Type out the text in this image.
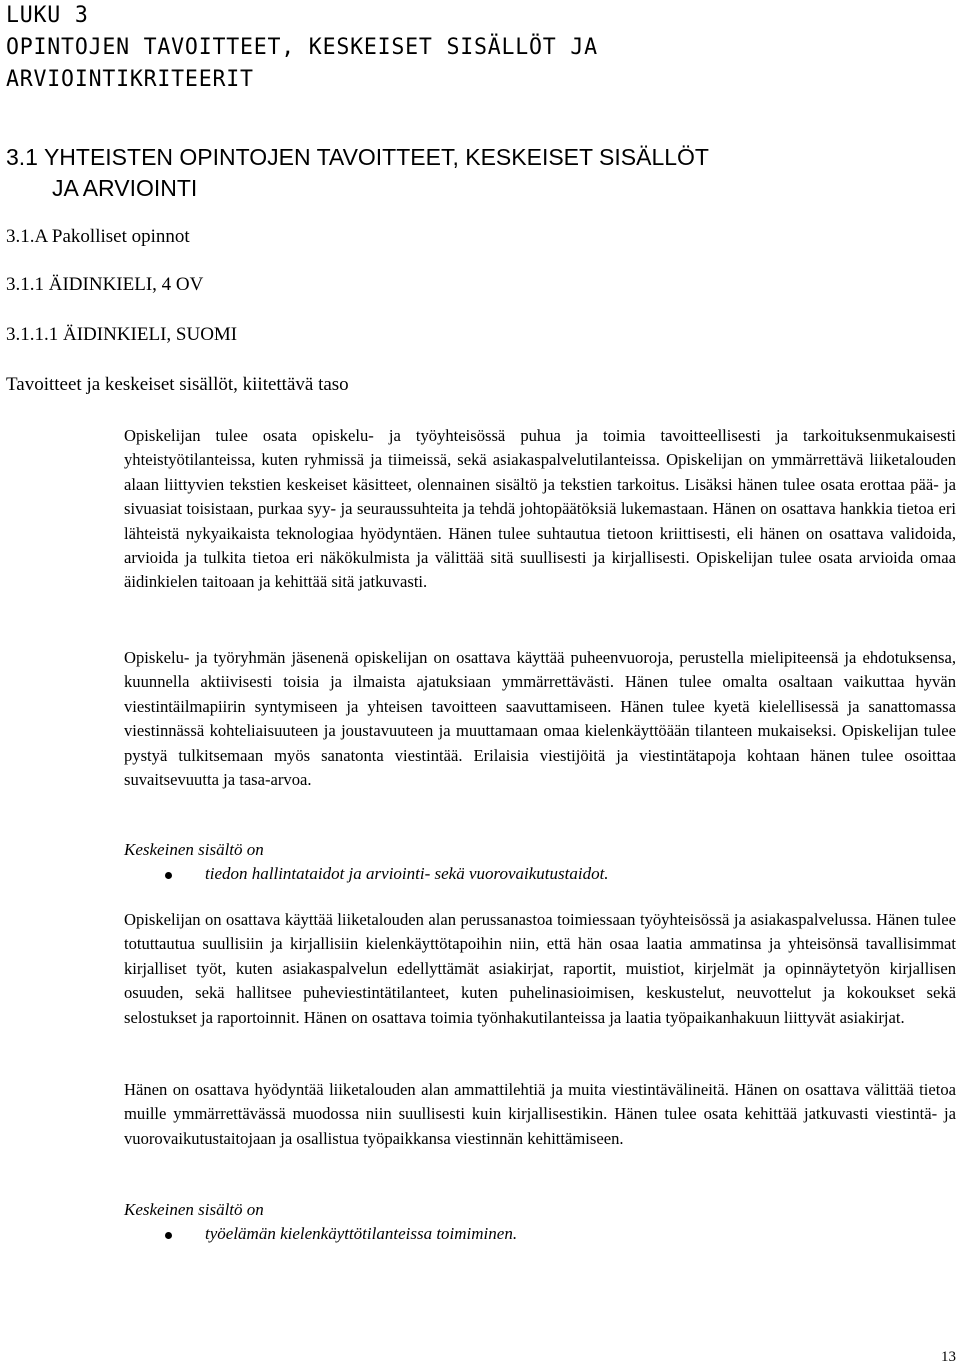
LUKU 3
OPINTOJEN TAVOITTEET, KESKEISET SISÄLLÖT JA
ARVIOINTIKRITEERIT
3.1 YHTEISTEN OPINTOJEN TAVOITTEET, KESKEISET SISÄLLÖT
JA ARVIOINTI
3.1.A Pakolliset opinnot
3.1.1 ÄIDINKIELI, 4 OV
3.1.1.1 ÄIDINKIELI, SUOMI
Tavoitteet ja keskeiset sisällöt, kiitettävä taso

Opiskelijan tulee osata opiskelu- ja työyhteisössä puhua ja toimia tavoitteellisesti ja tarkoituksenmukaisesti yhteistyötilanteissa, kuten ryhmissä ja tiimeissä, sekä asiakaspalvelutilanteissa. Opiskelijan on ymmärrettävä liiketalouden alaan liittyvien tekstien keskeiset käsitteet, olennainen sisältö ja tekstien tarkoitus. Lisäksi hänen tulee osata erottaa pää- ja sivuasiat toisistaan, purkaa syy- ja seuraussuhteita ja tehdä johtopäätöksiä lukemastaan. Hänen on osattava hankkia tietoa eri lähteistä nykyaikaista teknologiaa hyödyntäen. Hänen tulee suhtautua tietoon kriittisesti, eli hänen on osattava validoida, arvioida ja tulkita tietoa eri näkökulmista ja välittää sitä suullisesti ja kirjallisesti. Opiskelijan tulee osata arvioida omaa äidinkielen taitoaan ja kehittää sitä jatkuvasti.

Opiskelu- ja työryhmän jäsenenä opiskelijan on osattava käyttää puheenvuoroja, perustella mielipiteensä ja ehdotuksensa, kuunnella aktiivisesti toisia ja ilmaista ajatuksiaan ymmärrettävästi. Hänen tulee omalta osaltaan vaikuttaa hyvän viestintäilmapiirin syntymiseen ja yhteisen tavoitteen saavuttamiseen. Hänen tulee kyetä kielellisessä ja sanattomassa viestinnässä kohteliaisuuteen ja joustavuuteen ja muuttamaan omaa kielenkäyttöään tilanteen mukaiseksi. Opiskelijan tulee pystyä tulkitsemaan myös sanatonta viestintää. Erilaisia viestijöitä ja viestintätapoja kohtaan hänen tulee osoittaa suvaitsevuutta ja tasa-arvoa.

Keskeinen sisältö on
tiedon hallintataidot ja arviointi- sekä vuorovaikutustaidot.

Opiskelijan on osattava käyttää liiketalouden alan perussanastoa toimiessaan työyhteisössä ja asiakaspalvelussa. Hänen tulee totuttautua suullisiin ja kirjallisiin kielenkäyttötapoihin niin, että hän osaa laatia ammatinsa ja yhteisönsä tavallisimmat kirjalliset työt, kuten asiakaspalvelun edellyttämät asiakirjat, raportit, muistiot, kirjelmät ja opinnäytetyön kirjallisen osuuden, sekä hallitsee puheviestintätilanteet, kuten puhelinasioimisen, keskustelut, neuvottelut ja kokoukset sekä selostukset ja raportoinnit. Hänen on osattava toimia työnhakutilanteissa ja laatia työpaikanhakuun liittyvät asiakirjat.

Hänen on osattava hyödyntää liiketalouden alan ammattilehtiä ja muita viestintävälineitä. Hänen on osattava välittää tietoa muille ymmärrettävässä muodossa niin suullisesti kuin kirjallisestikin. Hänen tulee osata kehittää jatkuvasti viestintä- ja vuorovaikutustaitojaan ja osallistua työpaikkansa viestinnän kehittämiseen.

Keskeinen sisältö on
työelämän kielenkäyttötilanteissa toimiminen.
13
